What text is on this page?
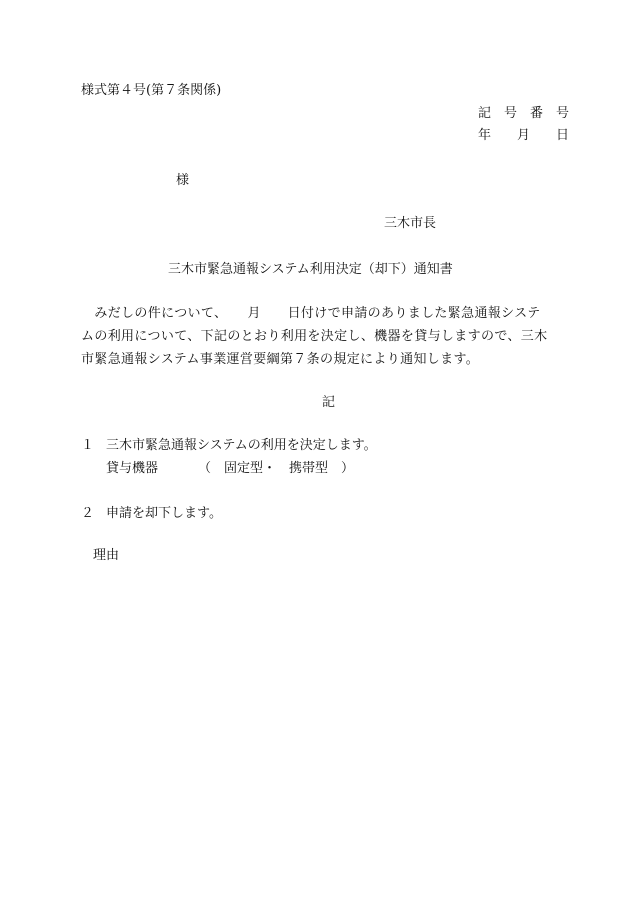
様式第４号(第７条関係)
記　号　番　号
年　　月　　日
様
三木市長
三木市緊急通報システム利用決定（却下）通知書
　みだしの件について、　　月　　日付けで申請のありました緊急通報システ
ムの利用について、下記のとおり利用を決定し、機器を貸与しますので、三木
市緊急通報システム事業運営要綱第７条の規定により通知します。
記
１ 三木市緊急通報システムの利用を決定します。
貸与機器	（　固定型・　携帯型　）
２ 申請を却下します。
理由
